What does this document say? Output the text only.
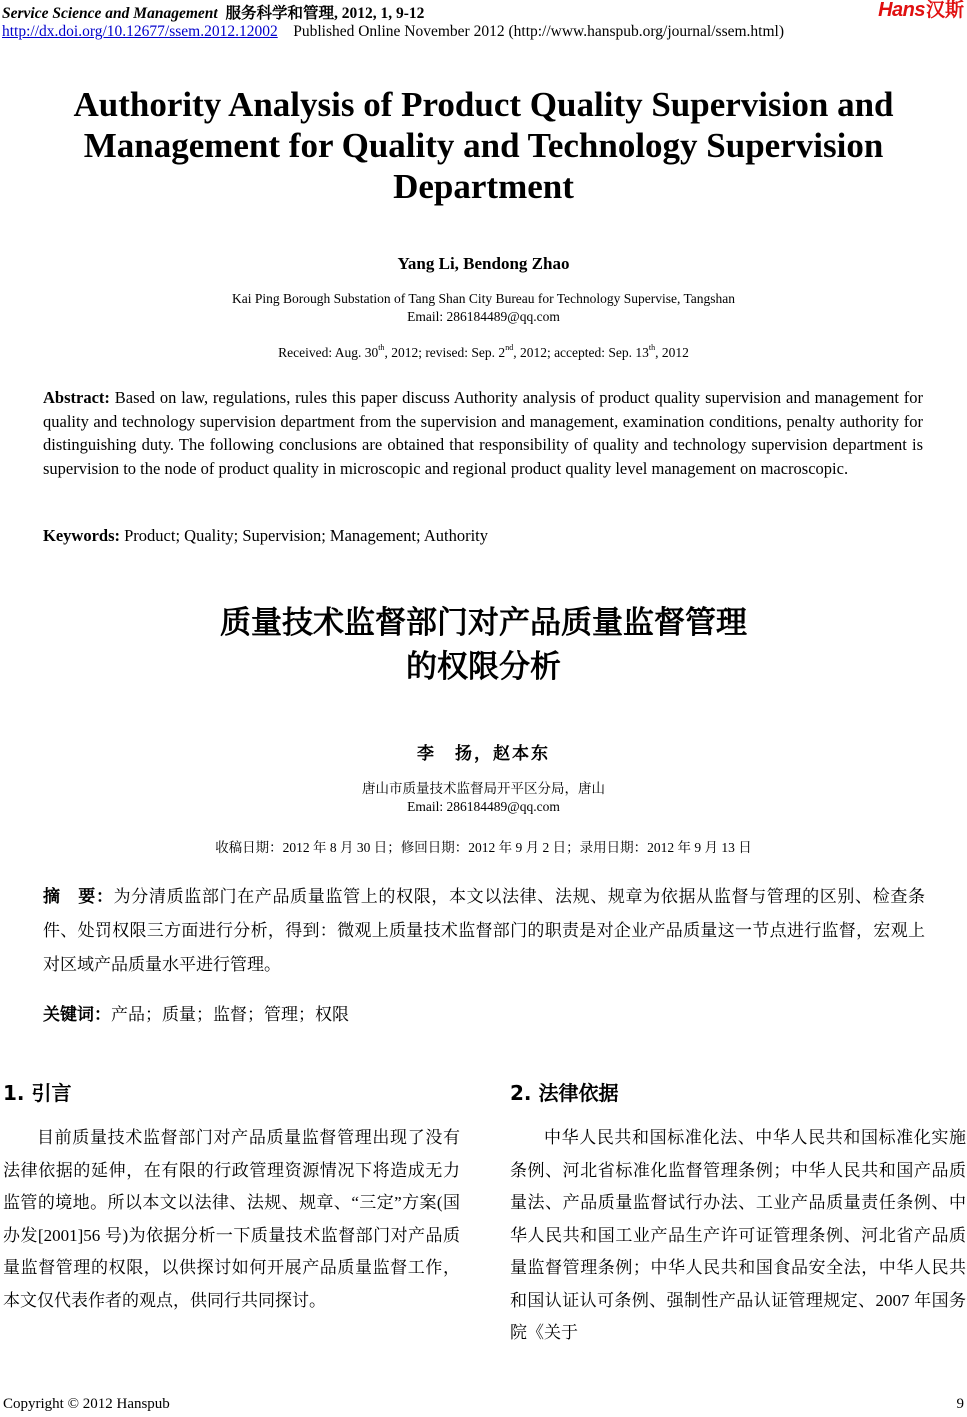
Service Science and Management 服务科学和管理, 2012, 1, 9-12
http://dx.doi.org/10.12677/ssem.2012.12002 Published Online November 2012 (http://www.hanspub.org/journal/ssem.html)
Hans汉斯
Authority Analysis of Product Quality Supervision and Management for Quality and Technology Supervision Department
Yang Li, Bendong Zhao
Kai Ping Borough Substation of Tang Shan City Bureau for Technology Supervise, Tangshan
Email: 286184489@qq.com
Received: Aug. 30th, 2012; revised: Sep. 2nd, 2012; accepted: Sep. 13th, 2012
Abstract: Based on law, regulations, rules this paper discuss Authority analysis of product quality supervision and management for quality and technology supervision department from the supervision and management, examination conditions, penalty authority for distinguishing duty. The following conclusions are obtained that responsibility of quality and technology supervision department is supervision to the node of product quality in microscopic and regional product quality level management on macroscopic.
Keywords: Product; Quality; Supervision; Management; Authority
质量技术监督部门对产品质量监督管理
的权限分析
李　扬，赵本东
唐山市质量技术监督局开平区分局，唐山
Email: 286184489@qq.com
收稿日期：2012 年 8 月 30 日；修回日期：2012 年 9 月 2 日；录用日期：2012 年 9 月 13 日
摘　要：为分清质监部门在产品质量监管上的权限，本文以法律、法规、规章为依据从监督与管理的区别、检查条件、处罚权限三方面进行分析，得到：微观上质量技术监督部门的职责是对企业产品质量这一节点进行监督，宏观上对区域产品质量水平进行管理。
关键词：产品；质量；监督；管理；权限
1. 引言

目前质量技术监督部门对产品质量监督管理出现了没有法律依据的延伸，在有限的行政管理资源情况下将造成无力监管的境地。所以本文以法律、法规、规章、“三定”方案(国办发[2001]56 号)为依据分析一下质量技术监督部门对产品质量监督管理的权限，以供探讨如何开展产品质量监督工作，本文仅代表作者的观点，供同行共同探讨。

2. 法律依据

中华人民共和国标准化法、中华人民共和国标准化实施条例、河北省标准化监督管理条例；中华人民共和国产品质量法、产品质量监督试行办法、工业产品质量责任条例、中华人民共和国工业产品生产许可证管理条例、河北省产品质量监督管理条例；中华人民共和国食品安全法，中华人民共和国认证认可条例、强制性产品认证管理规定、2007 年国务院《关于

Copyright © 2012 Hanspub	9
